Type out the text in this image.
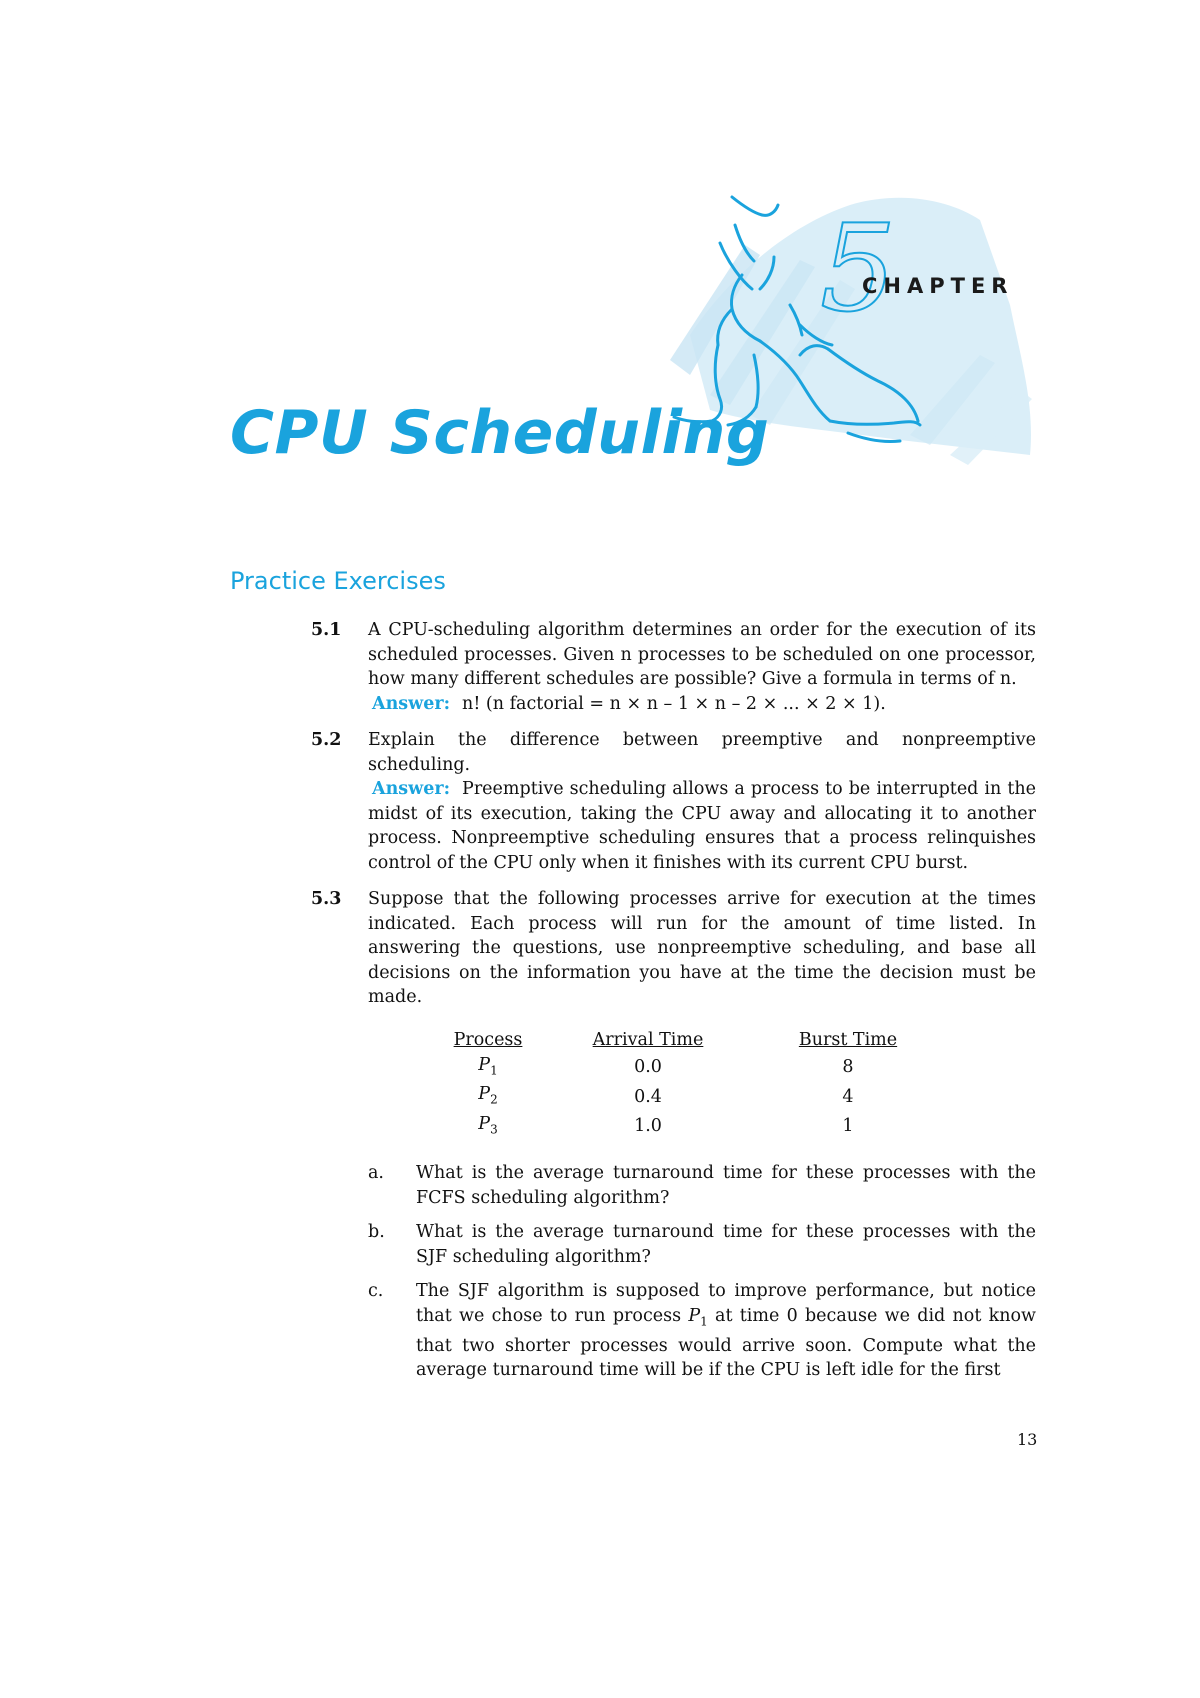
5
CHAPTER
CPU Scheduling
Practice Exercises
5.1 A CPU-scheduling algorithm determines an order for the execution of its scheduled processes. Given n processes to be scheduled on one processor, how many different schedules are possible? Give a formula in terms of n.

Answer: n! (n factorial = n × n – 1 × n – 2 × ... × 2 × 1).

5.2 Explain the difference between preemptive and nonpreemptive scheduling.

Answer: Preemptive scheduling allows a process to be interrupted in the midst of its execution, taking the CPU away and allocating it to another process. Nonpreemptive scheduling ensures that a process relinquishes control of the CPU only when it finishes with its current CPU burst.

5.3 Suppose that the following processes arrive for execution at the times indicated. Each process will run for the amount of time listed. In answering the questions, use nonpreemptive scheduling, and base all decisions on the information you have at the time the decision must be made.

Process	Arrival Time	Burst Time
$P_1$	0.0	8
$P_2$	0.4	4
$P_3$	1.0	1
a. What is the average turnaround time for these processes with the FCFS scheduling algorithm?

b. What is the average turnaround time for these processes with the SJF scheduling algorithm?

c. The SJF algorithm is supposed to improve performance, but notice that we chose to run process $P_1$ at time 0 because we did not know that two shorter processes would arrive soon. Compute what the average turnaround time will be if the CPU is left idle for the first

13
